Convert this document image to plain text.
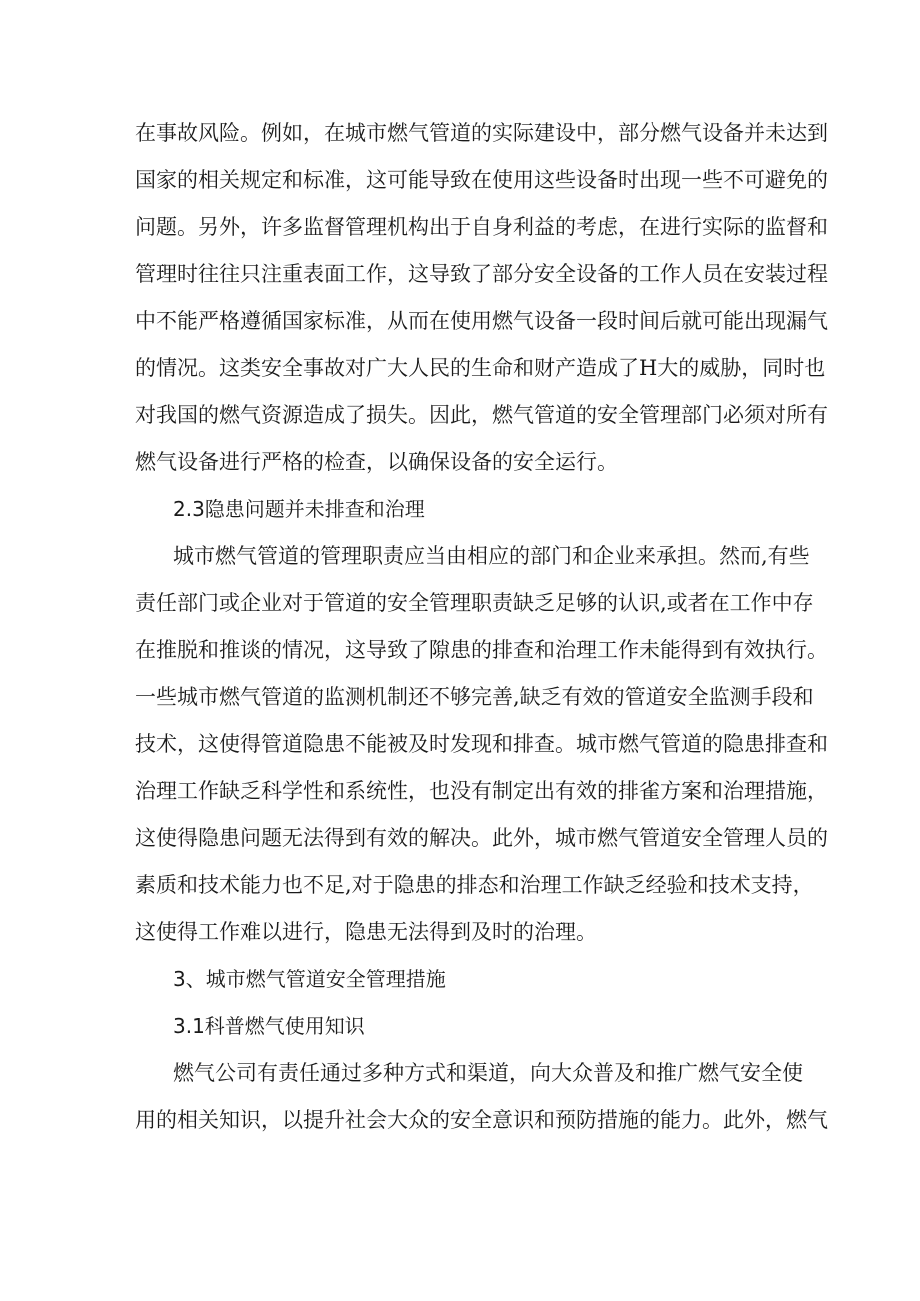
在事故风险。例如，在城市燃气管道的实际建设中，部分燃气设备并未达到
国家的相关规定和标准，这可能导致在使用这些设备时出现一些不可避免的
问题。另外，许多监督管理机构出于自身利益的考虑，在进行实际的监督和
管理时往往只注重表面工作，这导致了部分安全设备的工作人员在安装过程
中不能严格遵循国家标准，从而在使用燃气设备一段时间后就可能出现漏气
的情况。这类安全事故对广大人民的生命和财产造成了H大的威胁，同时也
对我国的燃气资源造成了损失。因此，燃气管道的安全管理部门必须对所有
燃气设备进行严格的检查，以确保设备的安全运行。
2.3隐患问题并未排查和治理
城市燃气管道的管理职责应当由相应的部门和企业来承担。然而,有些
责任部门或企业对于管道的安全管理职责缺乏足够的认识,或者在工作中存
在推脱和推谈的情况，这导致了隙患的排查和治理工作未能得到有效执行。
一些城市燃气管道的监测机制还不够完善,缺乏有效的管道安全监测手段和
技术，这使得管道隐患不能被及时发现和排查。城市燃气管道的隐患排查和
治理工作缺乏科学性和系统性，也没有制定出有效的排雀方案和治理措施，
这使得隐患问题无法得到有效的解决。此外，城市燃气管道安全管理人员的
素质和技术能力也不足,对于隐患的排态和治理工作缺乏经验和技术支持，
这使得工作难以进行，隐患无法得到及时的治理。
3、城市燃气管道安全管理措施
3.1科普燃气使用知识
燃气公司有责任通过多种方式和渠道，向大众普及和推广燃气安全使
用的相关知识，以提升社会大众的安全意识和预防措施的能力。此外，燃气
